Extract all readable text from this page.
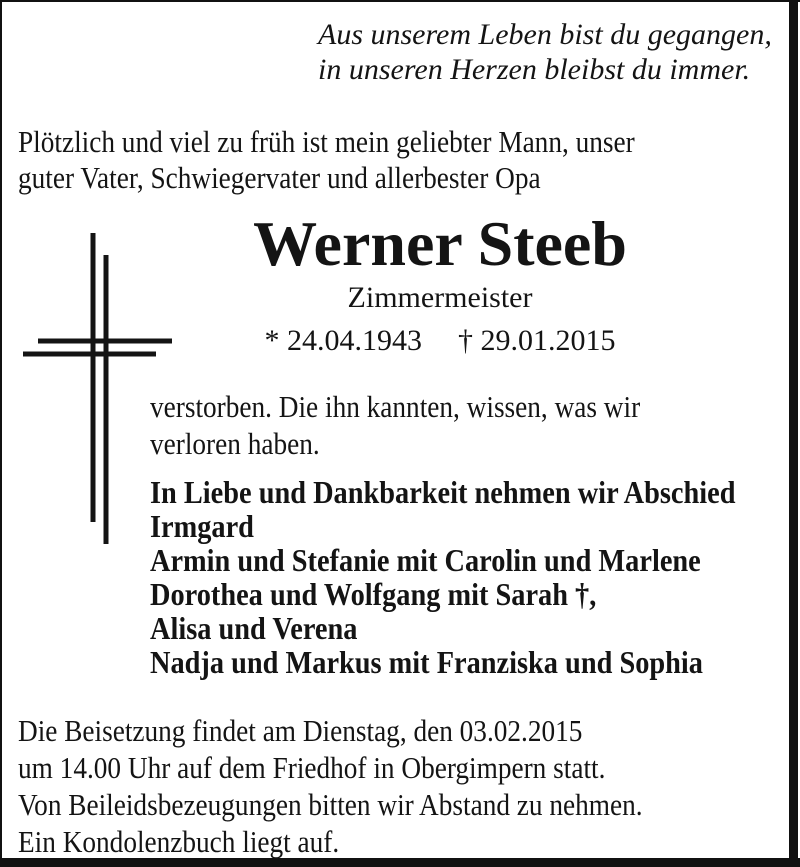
Aus unserem Leben bist du gegangen,
in unseren Herzen bleibst du immer.
Plötzlich und viel zu früh ist mein geliebter Mann, unser
guter Vater, Schwiegervater und allerbester Opa
Werner Steeb
Zimmermeister
* 24.04.1943 † 29.01.2015
verstorben. Die ihn kannten, wissen, was wir
verloren haben.
In Liebe und Dankbarkeit nehmen wir Abschied
Irmgard
Armin und Stefanie mit Carolin und Marlene
Dorothea und Wolfgang mit Sarah †,
Alisa und Verena
Nadja und Markus mit Franziska und Sophia
Die Beisetzung findet am Dienstag, den 03.02.2015
um 14.00 Uhr auf dem Friedhof in Obergimpern statt.
Von Beileidsbezeugungen bitten wir Abstand zu nehmen.
Ein Kondolenzbuch liegt auf.
